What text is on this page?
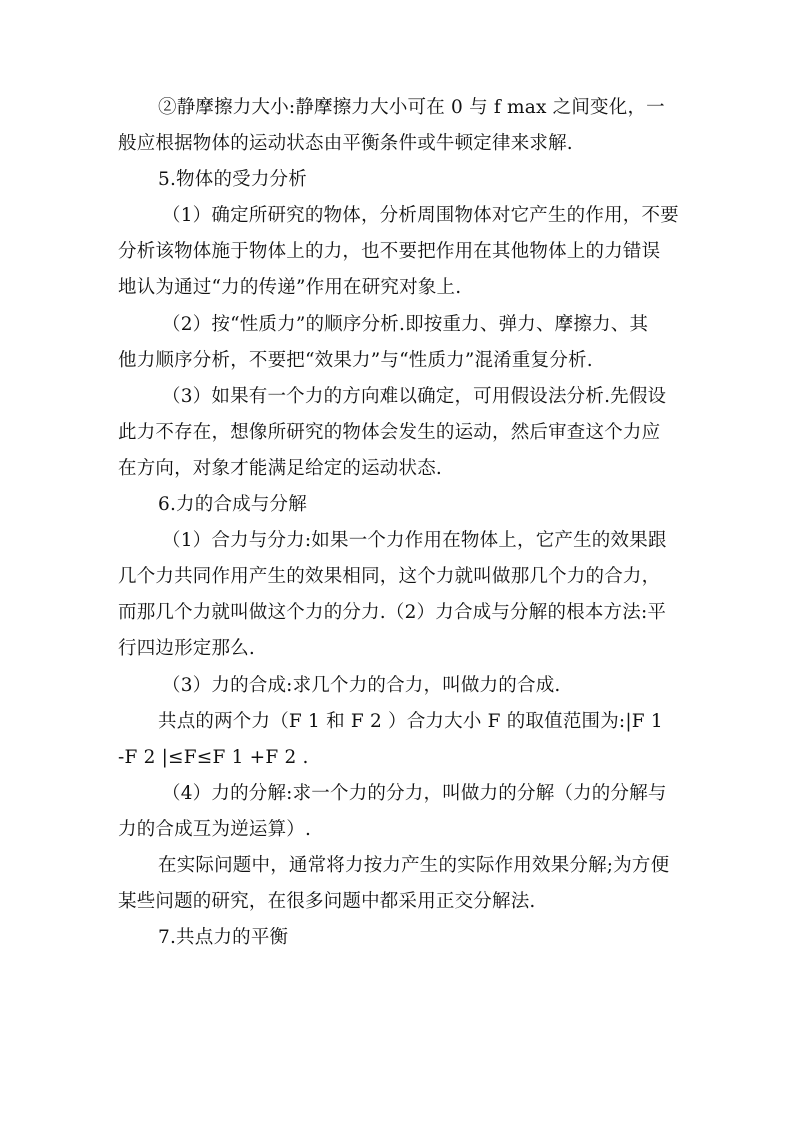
②静摩擦力大小:静摩擦力大小可在 0 与 f max 之间变化，一
般应根据物体的运动状态由平衡条件或牛顿定律来求解.
5.物体的受力分析
（1）确定所研究的物体，分析周围物体对它产生的作用，不要
分析该物体施于物体上的力，也不要把作用在其他物体上的力错误
地认为通过“力的传递”作用在研究对象上.
（2）按“性质力”的顺序分析.即按重力、弹力、摩擦力、其
他力顺序分析，不要把“效果力”与“性质力”混淆重复分析.
（3）如果有一个力的方向难以确定，可用假设法分析.先假设
此力不存在，想像所研究的物体会发生的运动，然后审查这个力应
在方向，对象才能满足给定的运动状态.
6.力的合成与分解
（1）合力与分力:如果一个力作用在物体上，它产生的效果跟
几个力共同作用产生的效果相同，这个力就叫做那几个力的合力，
而那几个力就叫做这个力的分力.（2）力合成与分解的根本方法:平
行四边形定那么.
（3）力的合成:求几个力的合力，叫做力的合成.
共点的两个力（F 1 和 F 2 ）合力大小 F 的取值范围为:|F 1
-F 2 |≤F≤F 1 +F 2 .
（4）力的分解:求一个力的分力，叫做力的分解（力的分解与
力的合成互为逆运算）.
在实际问题中，通常将力按力产生的实际作用效果分解;为方便
某些问题的研究，在很多问题中都采用正交分解法.
7.共点力的平衡
